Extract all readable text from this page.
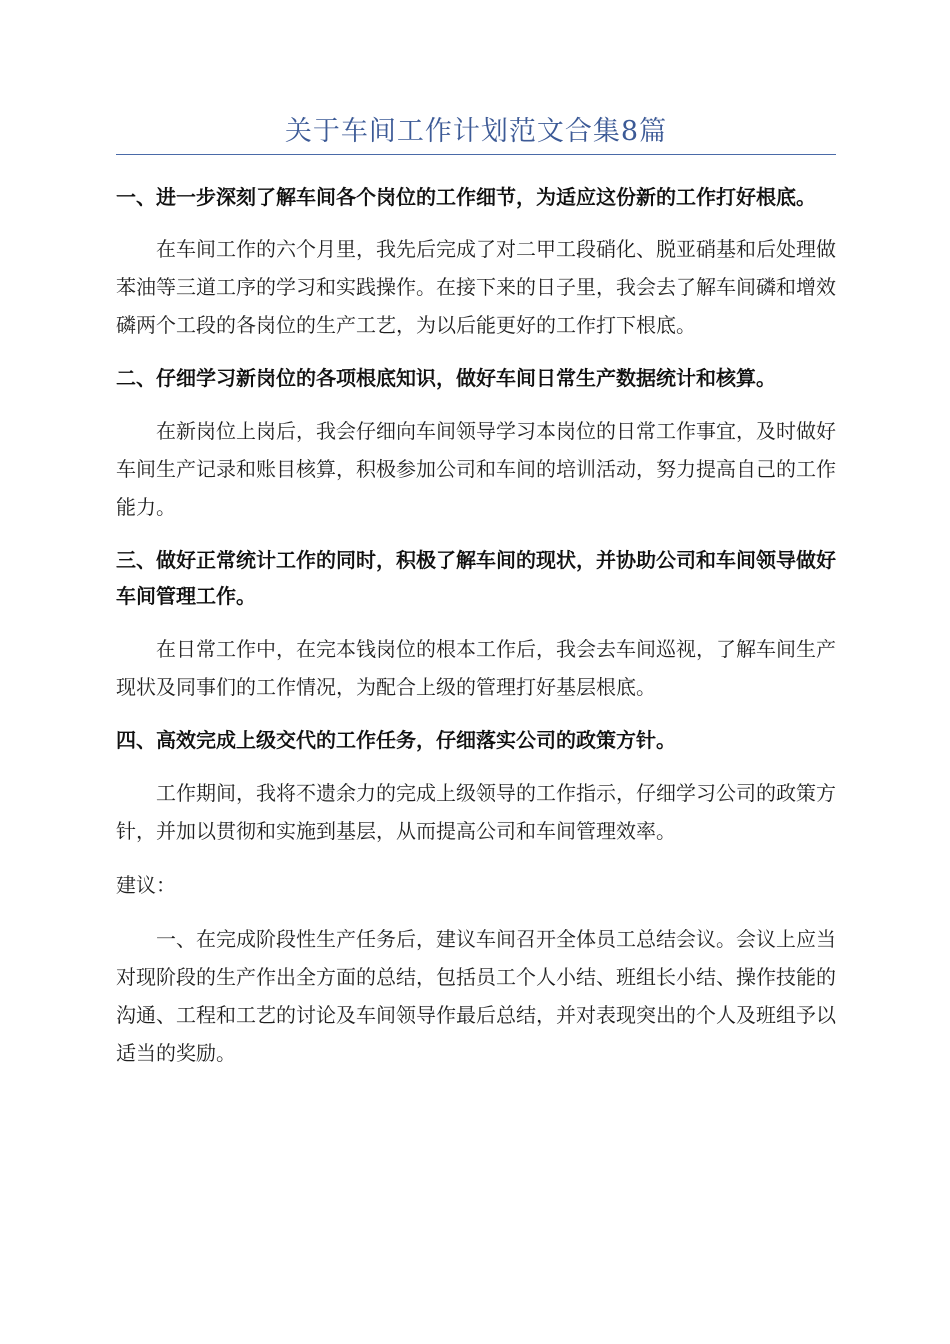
关于车间工作计划范文合集8篇

一、进一步深刻了解车间各个岗位的工作细节，为适应这份新的工作打好根底。

在车间工作的六个月里，我先后完成了对二甲工段硝化、脱亚硝基和后处理做苯油等三道工序的学习和实践操作。在接下来的日子里，我会去了解车间磷和增效磷两个工段的各岗位的生产工艺，为以后能更好的工作打下根底。

二、仔细学习新岗位的各项根底知识，做好车间日常生产数据统计和核算。

在新岗位上岗后，我会仔细向车间领导学习本岗位的日常工作事宜，及时做好车间生产记录和账目核算，积极参加公司和车间的培训活动，努力提高自己的工作能力。

三、做好正常统计工作的同时，积极了解车间的现状，并协助公司和车间领导做好车间管理工作。

在日常工作中，在完本钱岗位的根本工作后，我会去车间巡视，了解车间生产现状及同事们的工作情况，为配合上级的管理打好基层根底。

四、高效完成上级交代的工作任务，仔细落实公司的政策方针。

工作期间，我将不遗余力的完成上级领导的工作指示，仔细学习公司的政策方针，并加以贯彻和实施到基层，从而提高公司和车间管理效率。

建议：

一、在完成阶段性生产任务后，建议车间召开全体员工总结会议。会议上应当对现阶段的生产作出全方面的总结，包括员工个人小结、班组长小结、操作技能的沟通、工程和工艺的讨论及车间领导作最后总结，并对表现突出的个人及班组予以适当的奖励。
